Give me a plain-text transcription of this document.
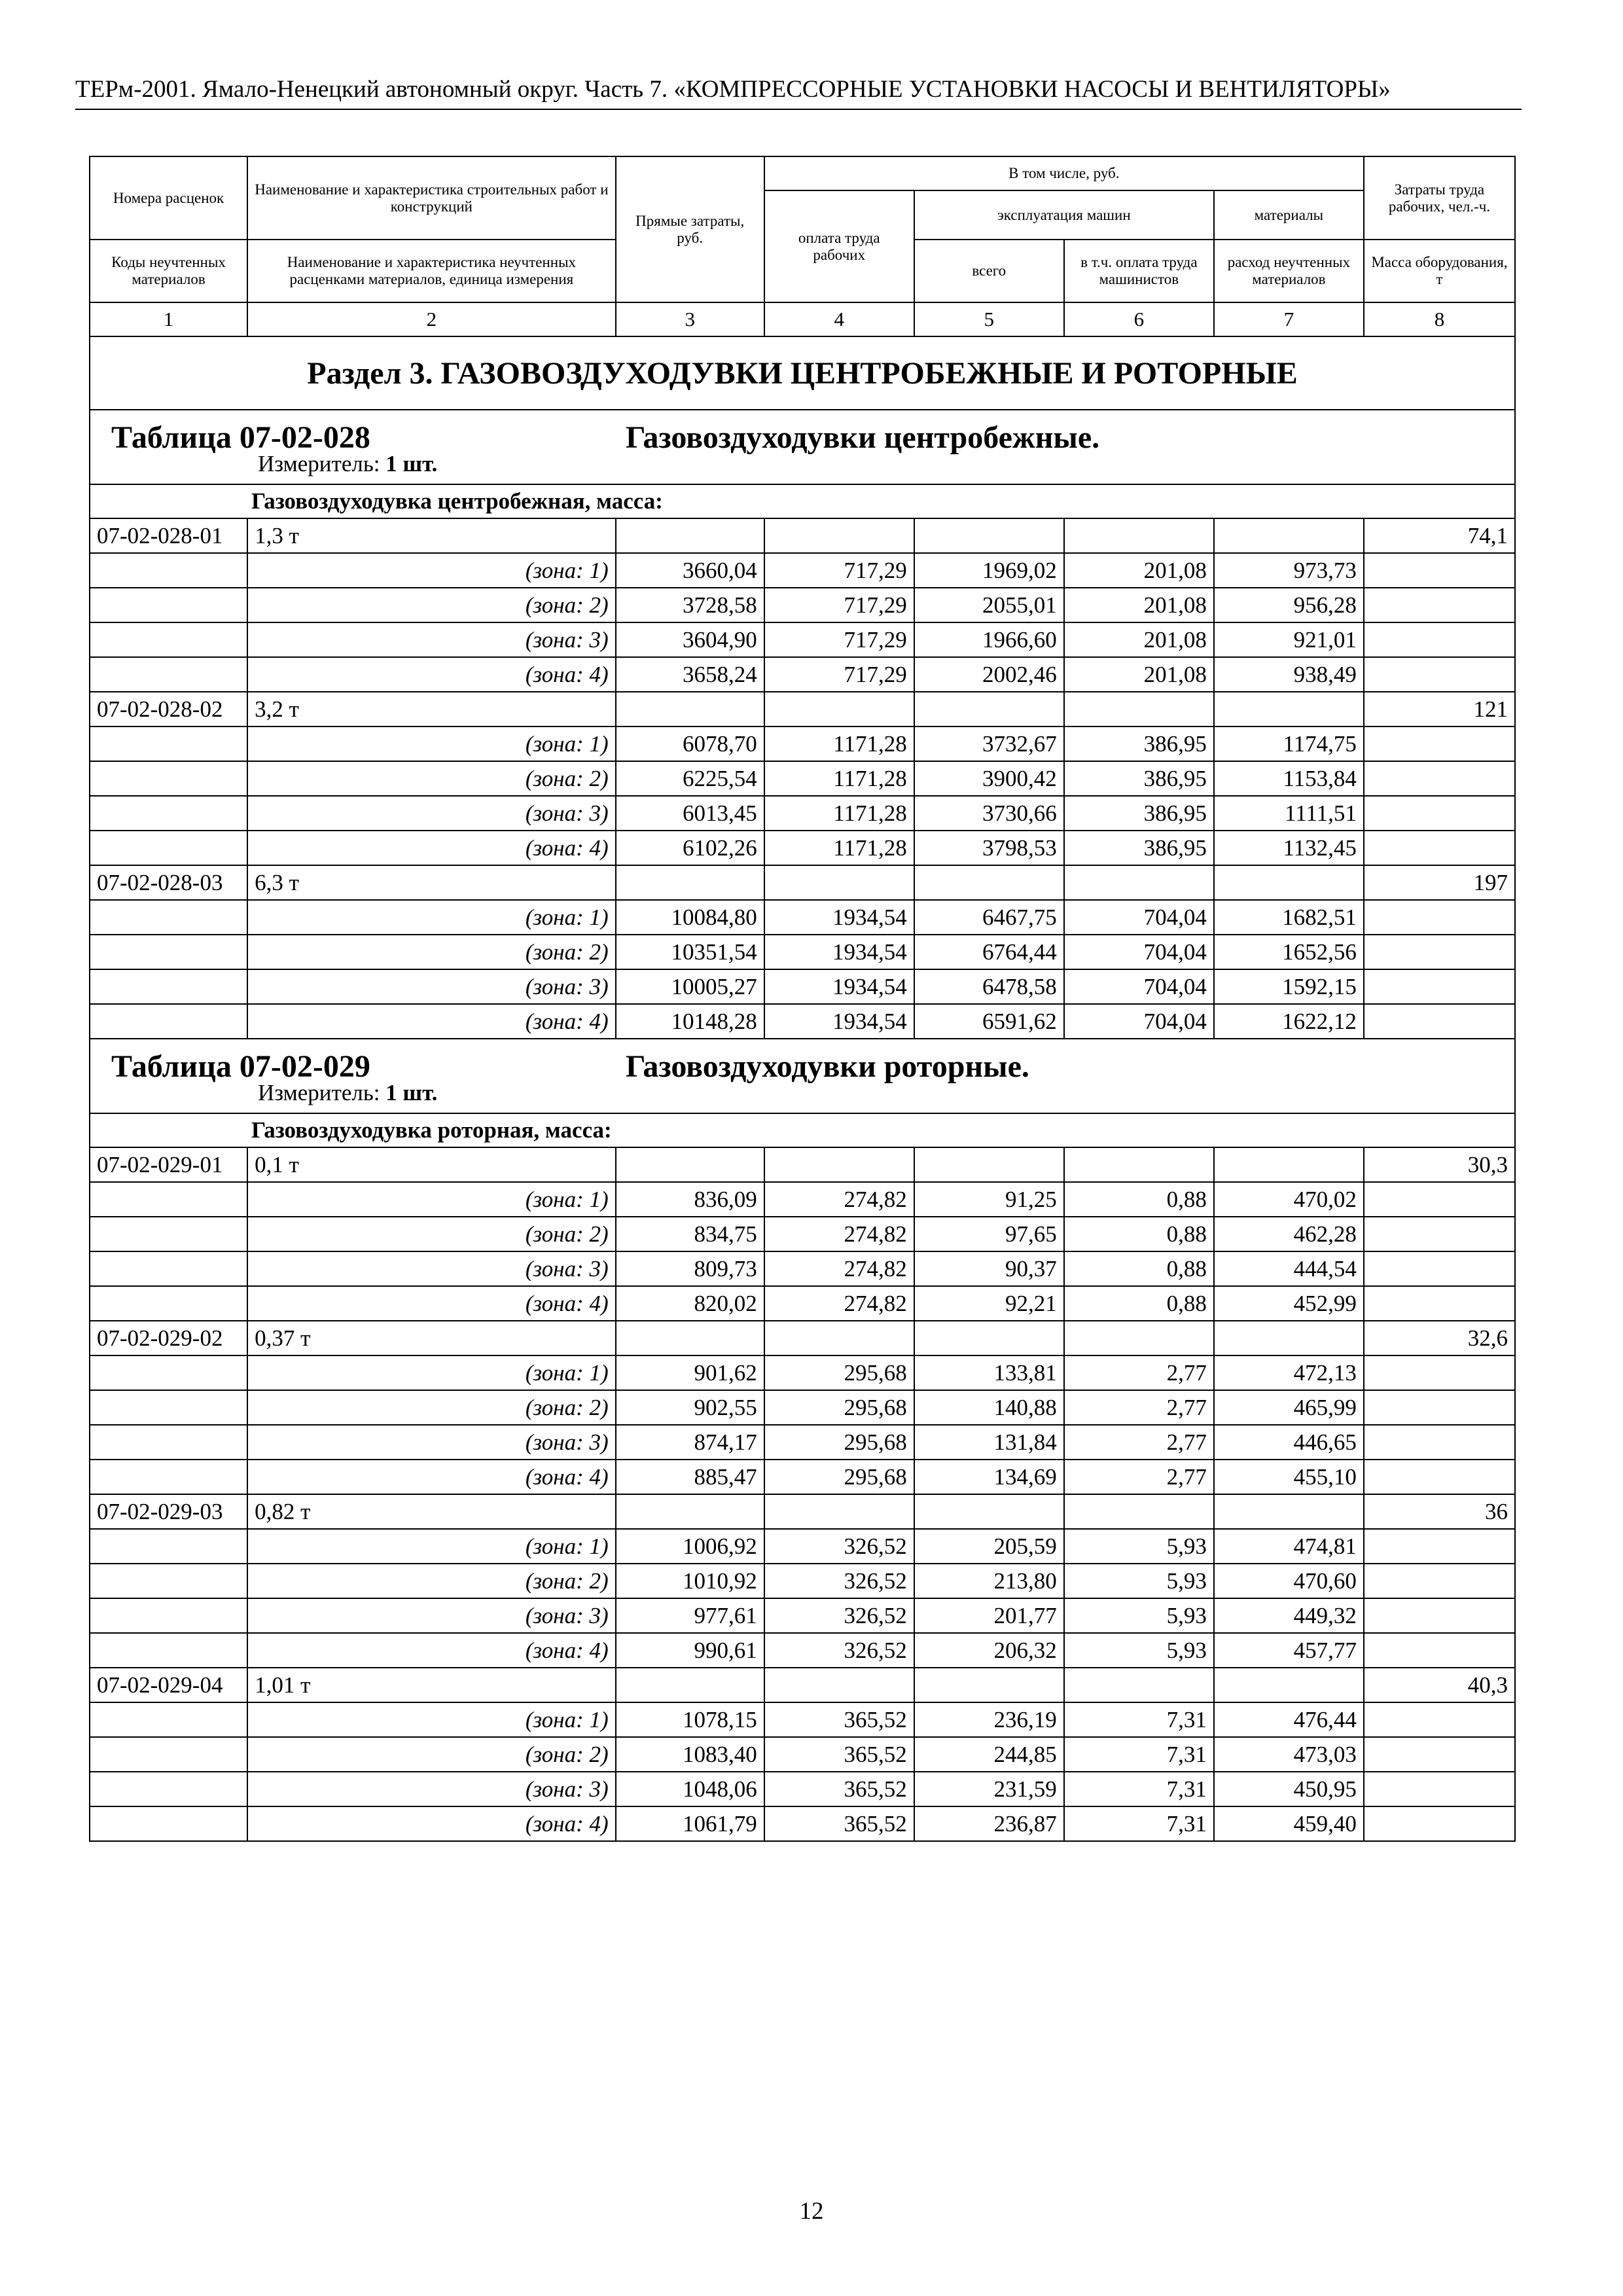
ТЕРм-2001. Ямало-Ненецкий автономный округ. Часть 7. «КОМПРЕССОРНЫЕ УСТАНОВКИ НАСОСЫ И ВЕНТИЛЯТОРЫ»
Номера расценок	Наименование и характеристика строительных работ и конструкций	Прямые затраты, руб.	В том числе, руб.				Затраты труда рабочих, чел.-ч.
			оплата труда рабочих	эксплуатация машин		материалы	
Коды неучтенных материалов	Наименование и характеристика неучтенных расценками материалов, единица измерения			всего	в т.ч. оплата труда машинистов	расход неучтенных материалов	Масса оборудования, т
1	2	3	4	5	6	7	8
Раздел 3. ГАЗОВОЗДУХОДУВКИ ЦЕНТРОБЕЖНЫЕ И РОТОРНЫЕ							

Таблица 07-02-028 Газовоздуходувки центробежные.
Измеритель: 1 шт.							

Газовоздуходувка центробежная, масса:							
07-02-028-01	1,3 т						74,1
	(зона: 1)	3660,04	717,29	1969,02	201,08	973,73	
	(зона: 2)	3728,58	717,29	2055,01	201,08	956,28	
	(зона: 3)	3604,90	717,29	1966,60	201,08	921,01	
	(зона: 4)	3658,24	717,29	2002,46	201,08	938,49	
07-02-028-02	3,2 т						121
	(зона: 1)	6078,70	1171,28	3732,67	386,95	1174,75	
	(зона: 2)	6225,54	1171,28	3900,42	386,95	1153,84	
	(зона: 3)	6013,45	1171,28	3730,66	386,95	1111,51	
	(зона: 4)	6102,26	1171,28	3798,53	386,95	1132,45	
07-02-028-03	6,3 т						197
	(зона: 1)	10084,80	1934,54	6467,75	704,04	1682,51	
	(зона: 2)	10351,54	1934,54	6764,44	704,04	1652,56	
	(зона: 3)	10005,27	1934,54	6478,58	704,04	1592,15	
	(зона: 4)	10148,28	1934,54	6591,62	704,04	1622,12	

Таблица 07-02-029 Газовоздуходувки роторные.
Измеритель: 1 шт.							

Газовоздуходувка роторная, масса:							
07-02-029-01	0,1 т						30,3
	(зона: 1)	836,09	274,82	91,25	0,88	470,02	
	(зона: 2)	834,75	274,82	97,65	0,88	462,28	
	(зона: 3)	809,73	274,82	90,37	0,88	444,54	
	(зона: 4)	820,02	274,82	92,21	0,88	452,99	
07-02-029-02	0,37 т						32,6
	(зона: 1)	901,62	295,68	133,81	2,77	472,13	
	(зона: 2)	902,55	295,68	140,88	2,77	465,99	
	(зона: 3)	874,17	295,68	131,84	2,77	446,65	
	(зона: 4)	885,47	295,68	134,69	2,77	455,10	
07-02-029-03	0,82 т						36
	(зона: 1)	1006,92	326,52	205,59	5,93	474,81	
	(зона: 2)	1010,92	326,52	213,80	5,93	470,60	
	(зона: 3)	977,61	326,52	201,77	5,93	449,32	
	(зона: 4)	990,61	326,52	206,32	5,93	457,77	
07-02-029-04	1,01 т						40,3
	(зона: 1)	1078,15	365,52	236,19	7,31	476,44	
	(зона: 2)	1083,40	365,52	244,85	7,31	473,03	
	(зона: 3)	1048,06	365,52	231,59	7,31	450,95	
	(зона: 4)	1061,79	365,52	236,87	7,31	459,40	
12
